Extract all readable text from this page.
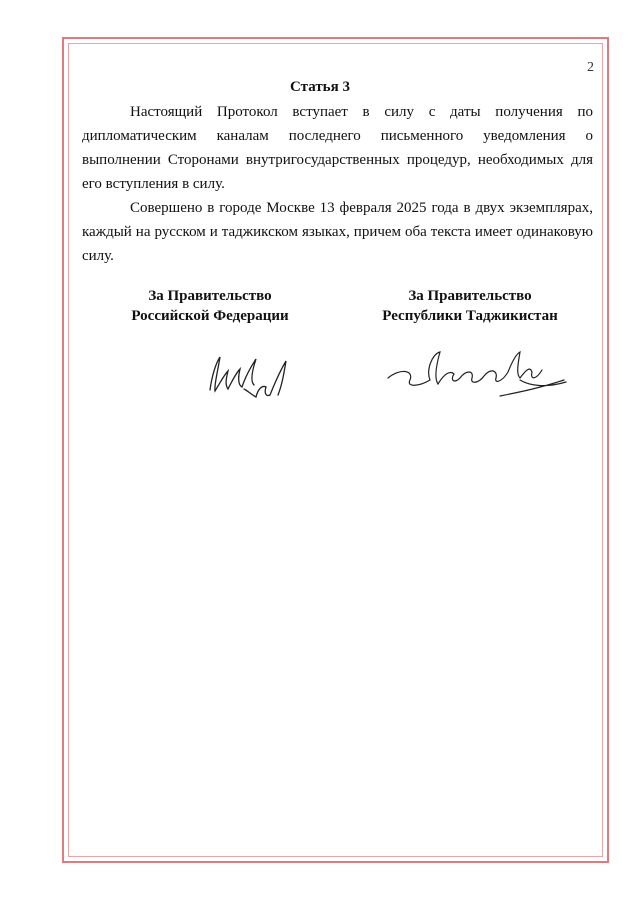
2
Статья 3
Настоящий Протокол вступает в силу с даты получения по дипломатическим каналам последнего письменного уведомления о выполнении Сторонами внутригосударственных процедур, необходимых для его вступления в силу.
Совершено в городе Москве 13 февраля 2025 года в двух экземплярах, каждый на русском и таджикском языках, причем оба текста имеет одинаковую силу.
За Правительство
Российской Федерации
За Правительство
Республики Таджикистан
